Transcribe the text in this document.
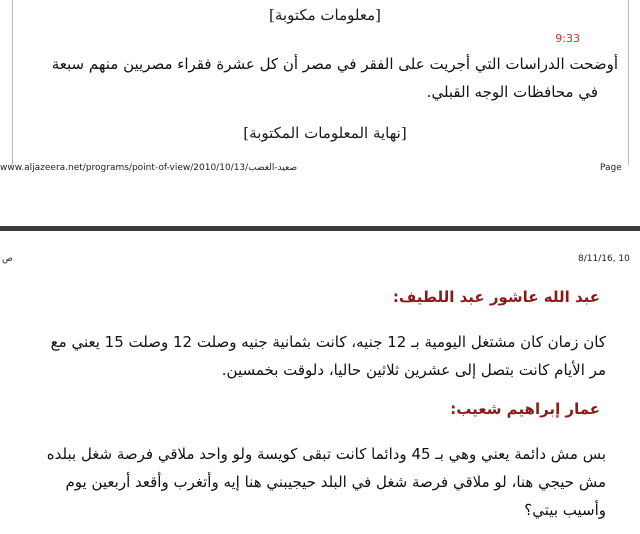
[معلومات مكتوبة]
9:33
أوضحت الدراسات التي أجريت على الفقر في مصر أن كل عشرة فقراء مصريين منهم سبعة
في محافظات الوجه القبلي.
[نهاية المعلومات المكتوبة]
www.aljazeera.net/programs/point-of-view/2010/10/13/صعيد-الغضب	Page
ص	8/11/16, 10
عبد الله عاشور عبد اللطيف:
كان زمان كان مشتغل اليومية بـ 12 جنيه، كانت بثمانية جنيه وصلت 12 وصلت 15 يعني مع
مر الأيام كانت بتصل إلى عشرين ثلاثين حاليا، دلوقت بخمسين.
عمار إبراهيم شعيب:
بس مش دائمة يعني وهي بـ 45 ودائما كانت تبقى كويسة ولو واحد ملاقي فرصة شغل ببلده
مش حيجي هنا، لو ملاقي فرصة شغل في البلد حيجيبني هنا إيه وأتغرب وأقعد أربعين يوم
وأسيب بيتي؟
